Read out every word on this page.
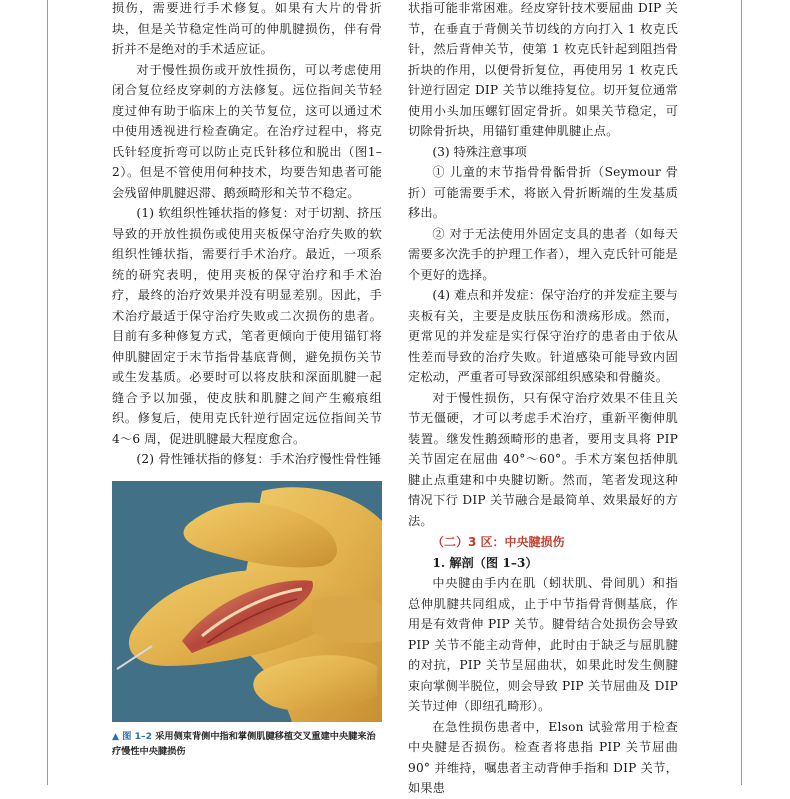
损伤，需要进行手术修复。如果有大片的骨折块，但是关节稳定性尚可的伸肌腱损伤，伴有骨折并不是绝对的手术适应证。

对于慢性损伤或开放性损伤，可以考虑使用闭合复位经皮穿刺的方法修复。远位指间关节轻度过伸有助于临床上的关节复位，这可以通过术中使用透视进行检查确定。在治疗过程中，将克氏针轻度折弯可以防止克氏针移位和脱出（图1–2）。但是不管使用何种技术，均要告知患者可能会残留伸肌腱迟滞、鹅颈畸形和关节不稳定。

(1) 软组织性锤状指的修复：对于切割、挤压导致的开放性损伤或使用夹板保守治疗失败的软组织性锤状指，需要行手术治疗。最近，一项系统的研究表明，使用夹板的保守治疗和手术治疗，最终的治疗效果并没有明显差别。因此，手术治疗最适于保守治疗失败或二次损伤的患者。目前有多种修复方式，笔者更倾向于使用锚钉将伸肌腱固定于末节指骨基底背侧，避免损伤关节或生发基质。必要时可以将皮肤和深面肌腱一起缝合予以加强，使皮肤和肌腱之间产生瘢痕组织。修复后，使用克氏针逆行固定远位指间关节 4～6 周，促进肌腱最大程度愈合。

(2) 骨性锤状指的修复：手术治疗慢性骨性锤

▲ 图 1–2 采用侧束背侧中指和掌侧肌腱移植交叉重建中央腱来治疗慢性中央腱损伤

状指可能非常困难。经皮穿针技术要屈曲 DIP 关节，在垂直于背侧关节切线的方向打入 1 枚克氏针，然后背伸关节，使第 1 枚克氏针起到阻挡骨折块的作用，以便骨折复位，再使用另 1 枚克氏针逆行固定 DIP 关节以维持复位。切开复位通常使用小头加压螺钉固定骨折。如果关节稳定，可切除骨折块，用锚钉重建伸肌腱止点。

(3) 特殊注意事项

① 儿童的末节指骨骨骺骨折（Seymour 骨折）可能需要手术，将嵌入骨折断端的生发基质移出。

② 对于无法使用外固定支具的患者（如每天需要多次洗手的护理工作者），埋入克氏针可能是个更好的选择。

(4) 难点和并发症：保守治疗的并发症主要与夹板有关，主要是皮肤压伤和溃疡形成。然而，更常见的并发症是实行保守治疗的患者由于依从性差而导致的治疗失败。针道感染可能导致内固定松动，严重者可导致深部组织感染和骨髓炎。

对于慢性损伤，只有保守治疗效果不佳且关节无僵硬，才可以考虑手术治疗，重新平衡伸肌装置。继发性鹅颈畸形的患者，要用支具将 PIP 关节固定在屈曲 40°～60°。手术方案包括伸肌腱止点重建和中央腱切断。然而，笔者发现这种情况下行 DIP 关节融合是最简单、效果最好的方法。

（二）3 区：中央腱损伤

1. 解剖（图 1–3）

中央腱由手内在肌（蚓状肌、骨间肌）和指总伸肌腱共同组成，止于中节指骨背侧基底，作用是有效背伸 PIP 关节。腱骨结合处损伤会导致 PIP 关节不能主动背伸，此时由于缺乏与屈肌腱的对抗，PIP 关节呈屈曲状，如果此时发生侧腱束向掌侧半脱位，则会导致 PIP 关节屈曲及 DIP 关节过伸（即纽孔畸形）。

在急性损伤患者中，Elson 试验常用于检查中央腱是否损伤。检查者将患指 PIP 关节屈曲 90° 并维持，嘱患者主动背伸手指和 DIP 关节，如果患
